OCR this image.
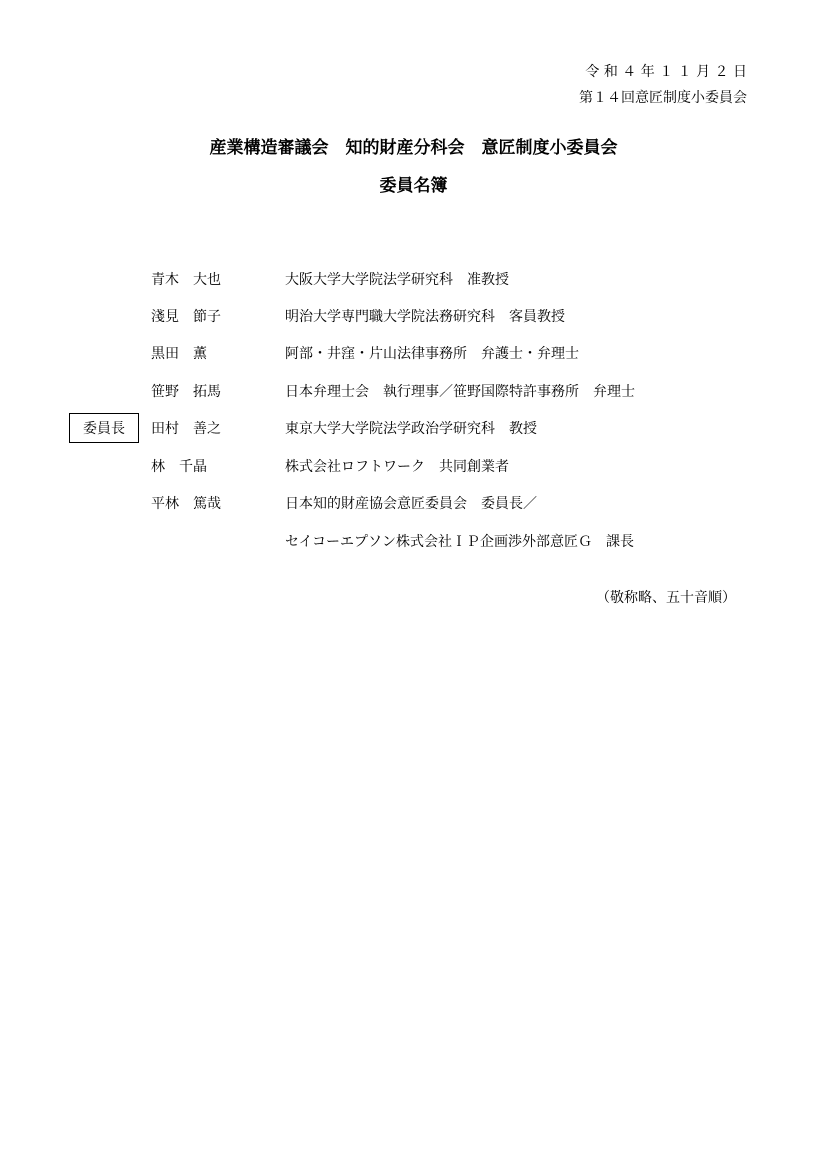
令 和 ４ 年 １ １ 月 ２ 日
第１４回意匠制度小委員会
産業構造審議会　知的財産分科会　意匠制度小委員会
委員名簿
青木　大也	大阪大学大学院法学研究科　准教授
淺見　節子	明治大学専門職大学院法務研究科　客員教授
黒田　薫	阿部・井窪・片山法律事務所　弁護士・弁理士
笹野　拓馬	日本弁理士会　執行理事／笹野国際特許事務所　弁理士
委員長	田村　善之	東京大学大学院法学政治学研究科　教授
林　千晶	株式会社ロフトワーク　共同創業者
平林　篤哉	日本知的財産協会意匠委員会　委員長／
セイコーエプソン株式会社ＩＰ企画渉外部意匠Ｇ　課長
（敬称略、五十音順）
